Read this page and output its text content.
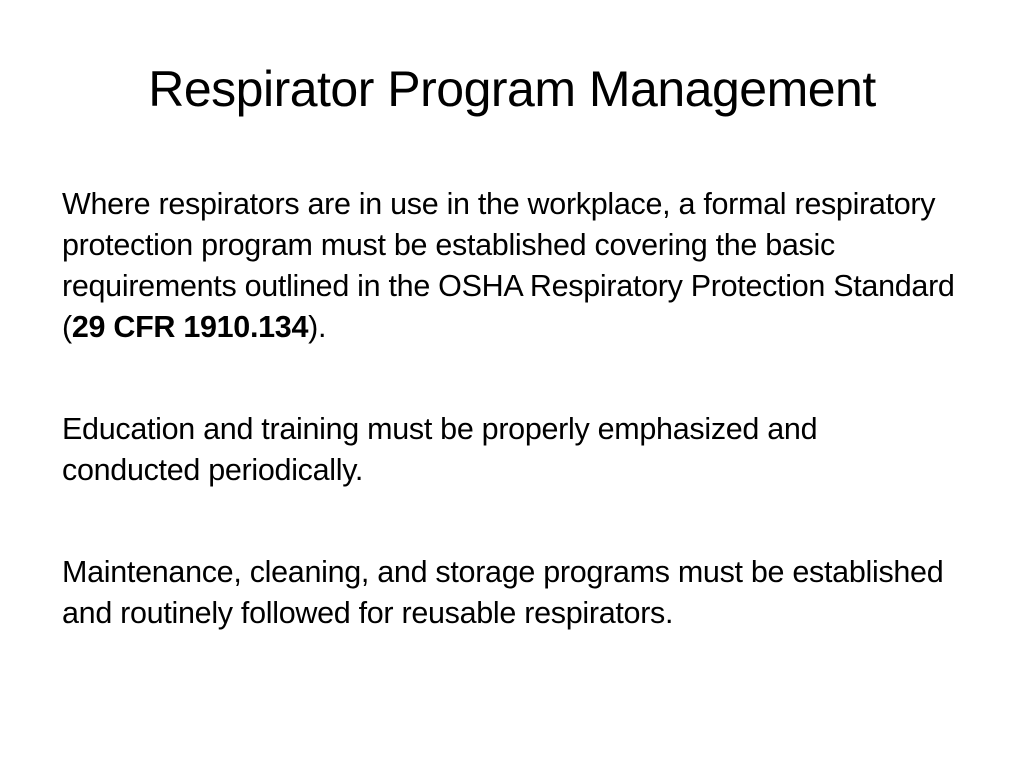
Respirator Program Management

Where respirators are in use in the workplace, a formal respiratory protection program must be established covering the basic requirements outlined in the OSHA Respiratory Protection Standard (29 CFR 1910.134).

Education and training must be properly emphasized and conducted periodically.

Maintenance, cleaning, and storage programs must be established and routinely followed for reusable respirators.
